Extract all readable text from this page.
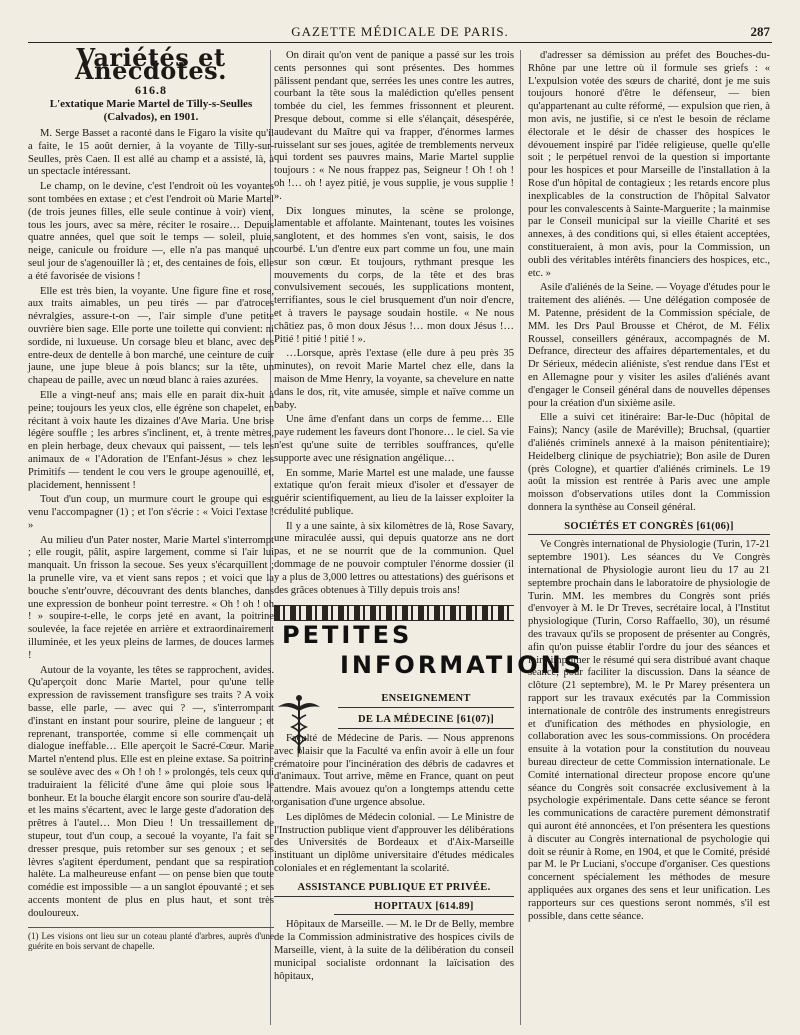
GAZETTE MÉDICALE DE PARIS.	287
Variétés et Anecdotes.
616.8
L'extatique Marie Martel de Tilly-s-Seulles (Calvados), en 1901.

M. Serge Basset a raconté dans le Figaro la visite qu'il a faite, le 15 août dernier, à la voyante de Tilly-sur-Seulles, près Caen. Il est allé au champ et a assisté, là, à un spectacle intéressant.

Le champ, on le devine, c'est l'endroit où les voyantes sont tombées en extase ; et c'est l'endroit où Marie Martel (de trois jeunes filles, elle seule continue à voir) vient, tous les jours, avec sa mère, réciter le rosaire… Depuis quatre années, quel que soit le temps — soleil, pluie, neige, canicule ou froidure —, elle n'a pas manqué un seul jour de s'agenouiller là ; et, des centaines de fois, elle a été favorisée de visions !

Elle est très bien, la voyante. Une figure fine et rose, aux traits aimables, un peu tirés — par d'atroces névralgies, assure-t-on —, l'air simple d'une petite ouvrière bien sage. Elle porte une toilette qui convient: ni sordide, ni luxueuse. Un corsage bleu et blanc, avec des entre-deux de dentelle à bon marché, une ceinture de cuir jaune, une jupe bleue à pois blancs; sur la tête, un chapeau de paille, avec un nœud blanc à raies azurées.

Elle a vingt-neuf ans; mais elle en parait dix-huit à peine; toujours les yeux clos, elle égrène son chapelet, en récitant à voix haute les dizaines d'Ave Maria. Une brise légère souffle ; les arbres s'inclinent, et, à trente mètres, en plein herbage, deux chevaux qui paissent, — tels les animaux de « l'Adoration de l'Enfant-Jésus » chez les Primitifs — tendent le cou vers le groupe agenouillé, et, placidement, hennissent !

Tout d'un coup, un murmure court le groupe qui est venu l'accompagner (1) ; et l'on s'écrie : « Voici l'extase ! »

Au milieu d'un Pater noster, Marie Martel s'interrompt ; elle rougit, pâlit, aspire largement, comme si l'air lui manquait. Un frisson la secoue. Ses yeux s'écarquillent ; la prunelle vire, va et vient sans repos ; et voici que la bouche s'entr'ouvre, découvrant des dents blanches, dans une expression de bonheur point terrestre. « Oh ! oh ! oh ! » soupire-t-elle, le corps jeté en avant, la poitrine soulevée, la face rejetée en arrière et extraordinairement illuminée, et les yeux pleins de larmes, de douces larmes !

Autour de la voyante, les têtes se rapprochent, avides. Qu'aperçoit donc Marie Martel, pour qu'une telle expression de ravissement transfigure ses traits ? A voix basse, elle parle, — avec qui ? —, s'interrompant d'instant en instant pour sourire, pleine de langueur ; et reprenant, transportée, comme si elle commençait un dialogue ineffable… Elle aperçoit le Sacré-Cœur. Marie Martel n'entend plus. Elle est en pleine extase. Sa poitrine se soulève avec des « Oh ! oh ! » prolongés, tels ceux qui traduiraient la félicité d'une âme qui ploie sous le bonheur. Et la bouche élargit encore son sourire d'au-delà, et les mains s'écartent, avec le large geste d'adoration des prêtres à l'autel… Mon Dieu ! Un tressaillement de stupeur, tout d'un coup, a secoué la voyante, l'a fait se dresser presque, puis retomber sur ses genoux ; et ses lèvres s'agitent éperdument, pendant que sa respiration halète. La malheureuse enfant — on pense bien que toute comédie est impossible — a un sanglot épouvanté ; et ses accents montent de plus en plus haut, et sont très douloureux.

(1) Les visions ont lieu sur un coteau planté d'arbres, auprès d'une guérite en bois servant de chapelle.

On dirait qu'on vent de panique a passé sur les trois cents personnes qui sont présentes. Des hommes pâlissent pendant que, serrées les unes contre les autres, courbant la tête sous la malédiction qu'elles pensent tombée du ciel, les femmes frissonnent et pleurent. Presque debout, comme si elle s'élançait, désespérée, audevant du Maître qui va frapper, d'énormes larmes ruisselant sur ses joues, agitée de tremblements nerveux qui tordent ses pauvres mains, Marie Martel supplie toujours : « Ne nous frappez pas, Seigneur ! Oh ! oh ! oh !… oh ! ayez pitié, je vous supplie, je vous supplie ! ».

Dix longues minutes, la scène se prolonge, lamentable et affolante. Maintenant, toutes les voisines sanglotent, et des hommes s'en vont, saisis, le dos courbé. L'un d'entre eux part comme un fou, une main sur son cœur. Et toujours, rythmant presque les mouvements du corps, de la tête et des bras convulsivement secoués, les supplications montent, terrifiantes, sous le ciel brusquement d'un noir d'encre, et à travers le paysage soudain hostile. « Ne nous châtiez pas, ô mon doux Jésus !… mon doux Jésus !… Pitié ! pitié ! pitié ! ».

…Lorsque, après l'extase (elle dure à peu près 35 minutes), on revoit Marie Martel chez elle, dans la maison de Mme Henry, la voyante, sa chevelure en natte dans le dos, rit, vite amusée, simple et naïve comme un baby.

Une âme d'enfant dans un corps de femme… Elle paye rudement les faveurs dont l'honore… le ciel. Sa vie n'est qu'une suite de terribles souffrances, qu'elle supporte avec une résignation angélique…

En somme, Marie Martel est une malade, une fausse extatique qu'on ferait mieux d'isoler et d'essayer de guérir scientifiquement, au lieu de la laisser exploiter la crédulité publique.

Il y a une sainte, à six kilomètres de là, Rose Savary, une miraculée aussi, qui depuis quatorze ans ne dort pas, et ne se nourrit que de la communion. Quel dommage de ne pouvoir comptuler l'énorme dossier (il y a plus de 3,000 lettres ou attestations) des guérisons et des grâces obtenues à Tilly depuis trois ans!

PETITES
INFORMATIONS
ENSEIGNEMENT
DE LA MÉDECINE [61(07)]

Faculté de Médecine de Paris. — Nous apprenons avec plaisir que la Faculté va enfin avoir à elle un four crématoire pour l'incinération des débris de cadavres et d'animaux. Tout arrive, même en France, quant on peut attendre. Mais avouez qu'on a longtemps attendu cette organisation d'une urgence absolue.

Les diplômes de Médecin colonial. — Le Ministre de l'Instruction publique vient d'approuver les délibérations des Universités de Bordeaux et d'Aix-Marseille instituant un diplôme universitaire d'études médicales coloniales et en réglementant la scolarité.

ASSISTANCE PUBLIQUE ET PRIVÉE.
HOPITAUX [614.89]

Hôpitaux de Marseille. — M. le Dr de Belly, membre de la Commission administrative des hospices civils de Marseille, vient, à la suite de la délibération du conseil municipal socialiste ordonnant la laïcisation des hôpitaux,

d'adresser sa démission au préfet des Bouches-du-Rhône par une lettre où il formule ses griefs : « L'expulsion votée des sœurs de charité, dont je me suis toujours honoré d'être le défenseur, — bien qu'appartenant au culte réformé, — expulsion que rien, à mon avis, ne justifie, si ce n'est le besoin de réclame électorale et le désir de chasser des hospices le dévouement inspiré par l'idée religieuse, quelle qu'elle soit ; le perpétuel renvoi de la question si importante pour les hospices et pour Marseille de l'installation à la Rose d'un hôpital de contagieux ; les retards encore plus inexplicables de la construction de l'hôpital Salvator pour les convalescents à Sainte-Marguerite ; la mainmise par le Conseil municipal sur la vieille Charité et ses annexes, à des conditions qui, si elles étaient acceptées, constitueraient, à mon avis, pour la Commission, un oubli des véritables intérêts financiers des hospices, etc., etc. »

Asile d'aliénés de la Seine. — Voyage d'études pour le traitement des aliénés. — Une délégation composée de M. Patenne, président de la Commission spéciale, de MM. les Drs Paul Brousse et Chérot, de M. Félix Roussel, conseillers généraux, accompagnés de M. Defrance, directeur des affaires départementales, et du Dr Sérieux, médecin aliéniste, s'est rendue dans l'Est et en Allemagne pour y visiter les asiles d'aliénés avant d'engager le Conseil général dans de nouvelles dépenses pour la création d'un sixième asile.

Elle a suivi cet itinéraire: Bar-le-Duc (hôpital de Fains); Nancy (asile de Maréville); Bruchsal, (quartier d'aliénés criminels annexé à la maison pénitentiaire); Heidelberg clinique de psychiatrie); Bon asile de Duren (près Cologne), et quartier d'aliénés criminels. Le 19 août la mission est rentrée à Paris avec une ample moisson d'observations utiles dont la Commission donnera la synthèse au Conseil général.

SOCIÉTÉS ET CONGRÈS [61(06)]

Ve Congrès international de Physiologie (Turin, 17-21 septembre 1901). Les séances du Ve Congrès international de Physiologie auront lieu du 17 au 21 septembre prochain dans le laboratoire de physiologie de Turin. MM. les membres du Congrès sont priés d'envoyer à M. le Dr Treves, secrétaire local, à l'Institut physiologique (Turin, Corso Raffaello, 30), un résumé des travaux qu'ils se proposent de présenter au Congrès, afin qu'on puisse établir l'ordre du jour des séances et faire imprimer le résumé qui sera distribué avant chaque séance, pour faciliter la discussion. Dans la séance de clôture (21 septembre), M. le Pr Marey présentera un rapport sur les travaux exécutés par la Commission internationale de contrôle des instruments enregistreurs et d'unification des méthodes en physiologie, en collaboration avec les sous-commissions. On procédera ensuite à la votation pour la constitution du nouveau bureau directeur de cette Commission internationale. Le Comité international directeur propose encore qu'une séance du Congrès soit consacrée exclusivement à la psychologie expérimentale. Dans cette séance se feront les communications de caractère purement démonstratif qui auront été annoncées, et l'on présentera les questions à discuter au Congrès international de psychologie qui doit se réunir à Rome, en 1904, et que le Comité, présidé par M. le Pr Luciani, s'occupe d'organiser. Ces questions concernent spécialement les méthodes de mesure appliquées aux organes des sens et leur unification. Les rapporteurs sur ces questions seront nommés, s'il est possible, dans cette séance.
